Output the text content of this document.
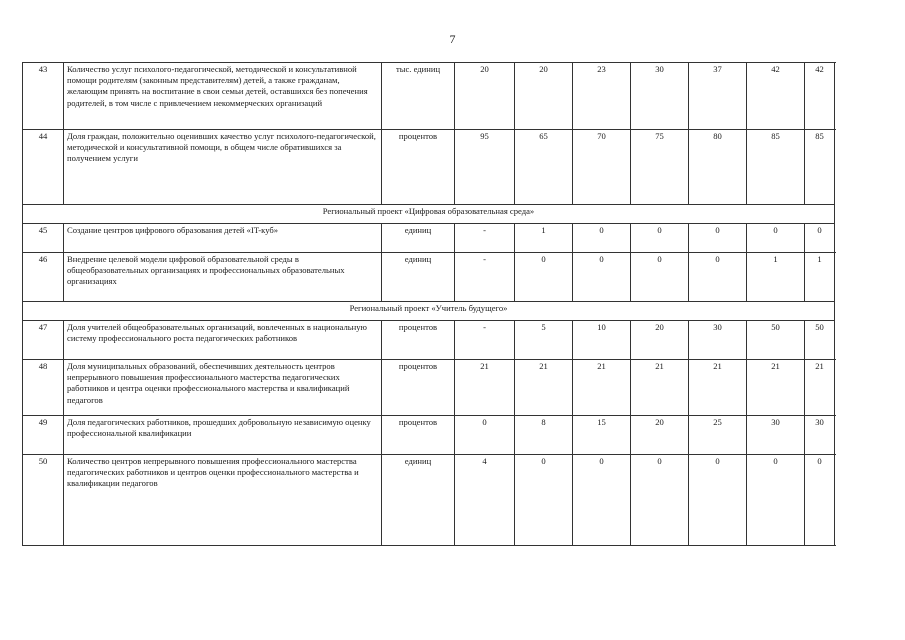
7
43	Количество услуг психолого-педагогической, методической и консультативной помощи родителям (законным представителям) детей, а также гражданам, желающим принять на воспитание в свои семьи детей, оставшихся без попечения родителей, в том числе с привлечением некоммерческих организаций	тыс. единиц	20	20	23	30	37	42	42
44	Доля граждан, положительно оценивших качество услуг психолого-педагогической, методической и консультативной помощи, в общем числе обратившихся за получением услуги	процентов	95	65	70	75	80	85	85
Региональный проект «Цифровая образовательная среда»									
45	Создание центров цифрового образования детей «IT-куб»	единиц	-	1	0	0	0	0	0
46	Внедрение целевой модели цифровой образовательной среды в общеобразовательных организациях и профессиональных образовательных организациях	единиц	-	0	0	0	0	1	1
Региональный проект «Учитель будущего»									
47	Доля учителей общеобразовательных организаций, вовлеченных в национальную систему профессионального роста педагогических работников	процентов	-	5	10	20	30	50	50
48	Доля муниципальных образований, обеспечивших деятельность центров непрерывного повышения профессионального мастерства педагогических работников и центра оценки профессионального мастерства и квалификаций педагогов	процентов	21	21	21	21	21	21	21
49	Доля педагогических работников, прошедших добровольную независимую оценку профессиональной квалификации	процентов	0	8	15	20	25	30	30
50	Количество центров непрерывного повышения профессионального мастерства педагогических работников и центров оценки профессионального мастерства и квалификации педагогов	единиц	4	0	0	0	0	0	0
